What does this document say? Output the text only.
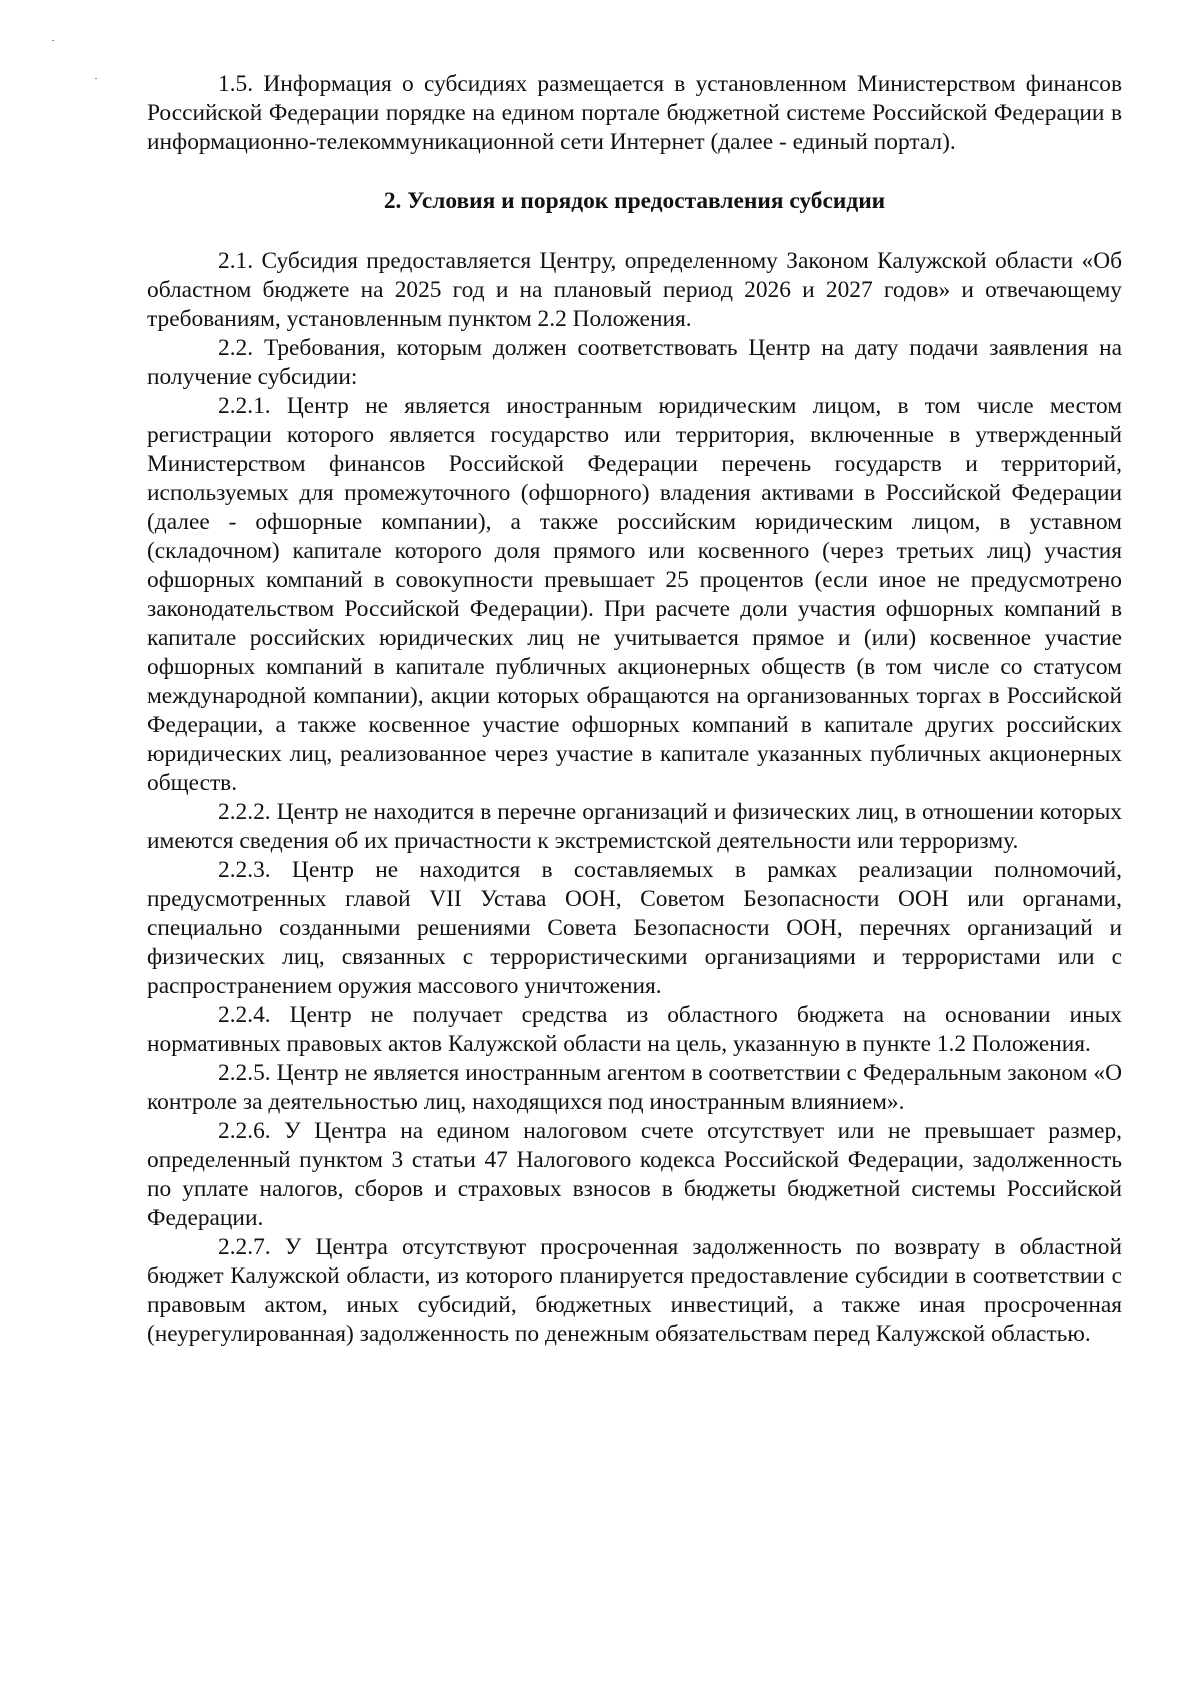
1.5. Информация о субсидиях размещается в установленном Министерством финансов Российской Федерации порядке на едином портале бюджетной системе Российской Федерации в информационно-телекоммуникационной сети Интернет (далее - единый портал).

2. Условия и порядок предоставления субсидии

2.1. Субсидия предоставляется Центру, определенному Законом Калужской области «Об областном бюджете на 2025 год и на плановый период 2026 и 2027 годов» и отвечающему требованиям, установленным пунктом 2.2 Положения.

2.2. Требования, которым должен соответствовать Центр на дату подачи заявления на получение субсидии:

2.2.1. Центр не является иностранным юридическим лицом, в том числе местом регистрации которого является государство или территория, включенные в утвержденный Министерством финансов Российской Федерации перечень государств и территорий, используемых для промежуточного (офшорного) владения активами в Российской Федерации (далее - офшорные компании), а также российским юридическим лицом, в уставном (складочном) капитале которого доля прямого или косвенного (через третьих лиц) участия офшорных компаний в совокупности превышает 25 процентов (если иное не предусмотрено законодательством Российской Федерации). При расчете доли участия офшорных компаний в капитале российских юридических лиц не учитывается прямое и (или) косвенное участие офшорных компаний в капитале публичных акционерных обществ (в том числе со статусом международной компании), акции которых обращаются на организованных торгах в Российской Федерации, а также косвенное участие офшорных компаний в капитале других российских юридических лиц, реализованное через участие в капитале указанных публичных акционерных обществ.

2.2.2. Центр не находится в перечне организаций и физических лиц, в отношении которых имеются сведения об их причастности к экстремистской деятельности или терроризму.

2.2.3. Центр не находится в составляемых в рамках реализации полномочий, предусмотренных главой VII Устава ООН, Советом Безопасности ООН или органами, специально созданными решениями Совета Безопасности ООН, перечнях организаций и физических лиц, связанных с террористическими организациями и террористами или с распространением оружия массового уничтожения.

2.2.4. Центр не получает средства из областного бюджета на основании иных нормативных правовых актов Калужской области на цель, указанную в пункте 1.2 Положения.

2.2.5. Центр не является иностранным агентом в соответствии с Федеральным законом «О контроле за деятельностью лиц, находящихся под иностранным влиянием».

2.2.6. У Центра на едином налоговом счете отсутствует или не превышает размер, определенный пунктом 3 статьи 47 Налогового кодекса Российской Федерации, задолженность по уплате налогов, сборов и страховых взносов в бюджеты бюджетной системы Российской Федерации.

2.2.7. У Центра отсутствуют просроченная задолженность по возврату в областной бюджет Калужской области, из которого планируется предоставление субсидии в соответствии с правовым актом, иных субсидий, бюджетных инвестиций, а также иная просроченная (неурегулированная) задолженность по денежным обязательствам перед Калужской областью.
